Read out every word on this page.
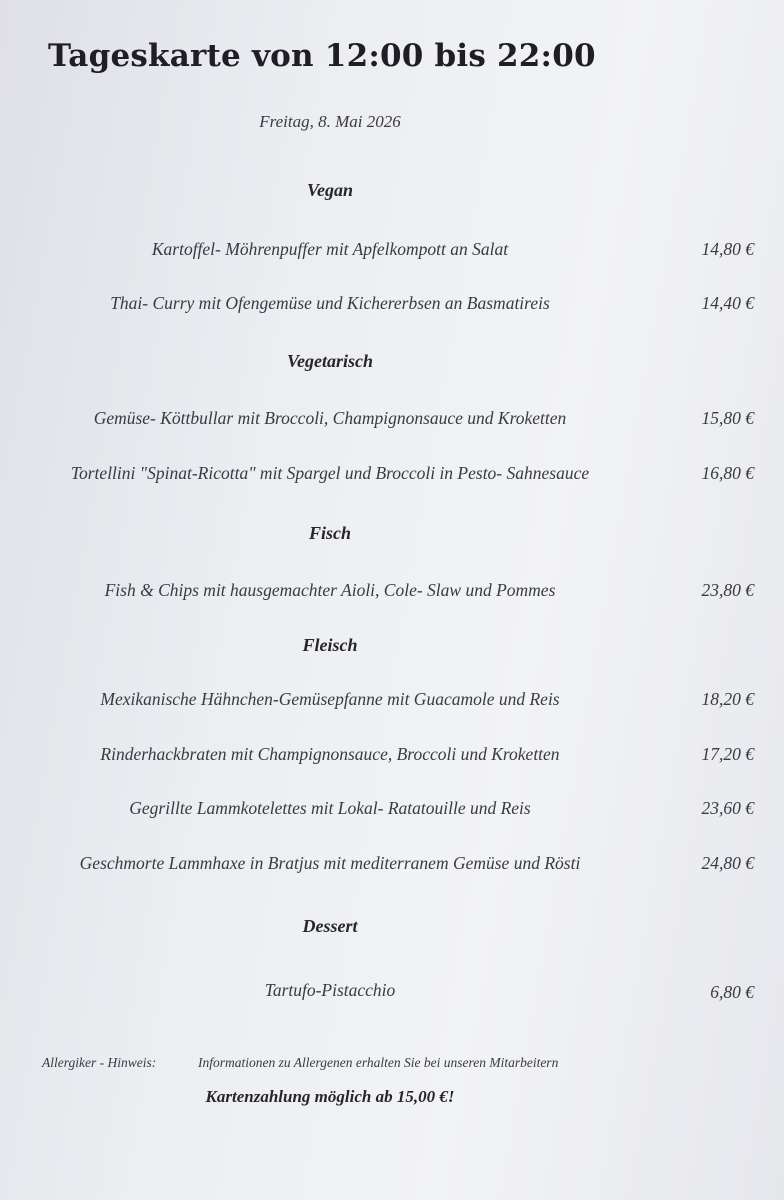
Tageskarte von 12:00 bis 22:00
Freitag, 8. Mai 2026
Vegan
Kartoffel- Möhrenpuffer mit Apfelkompott an Salat	14,80 €
Thai- Curry mit Ofengemüse und Kichererbsen an Basmatireis	14,40 €
Vegetarisch
Gemüse- Köttbullar mit Broccoli, Champignonsauce und Kroketten	15,80 €
Tortellini "Spinat-Ricotta" mit Spargel und Broccoli in Pesto- Sahnesauce	16,80 €
Fisch
Fish & Chips mit hausgemachter Aioli, Cole- Slaw und Pommes	23,80 €
Fleisch
Mexikanische Hähnchen-Gemüsepfanne mit Guacamole und Reis	18,20 €
Rinderhackbraten mit Champignonsauce, Broccoli und Kroketten	17,20 €
Gegrillte Lammkotelettes mit Lokal- Ratatouille und Reis	23,60 €
Geschmorte Lammhaxe in Bratjus mit mediterranem Gemüse und Rösti	24,80 €
Dessert
Tartufo-Pistacchio	6,80 €
Allergiker - Hinweis:	Informationen zu Allergenen erhalten Sie bei unseren Mitarbeitern
Kartenzahlung möglich ab 15,00 €!
